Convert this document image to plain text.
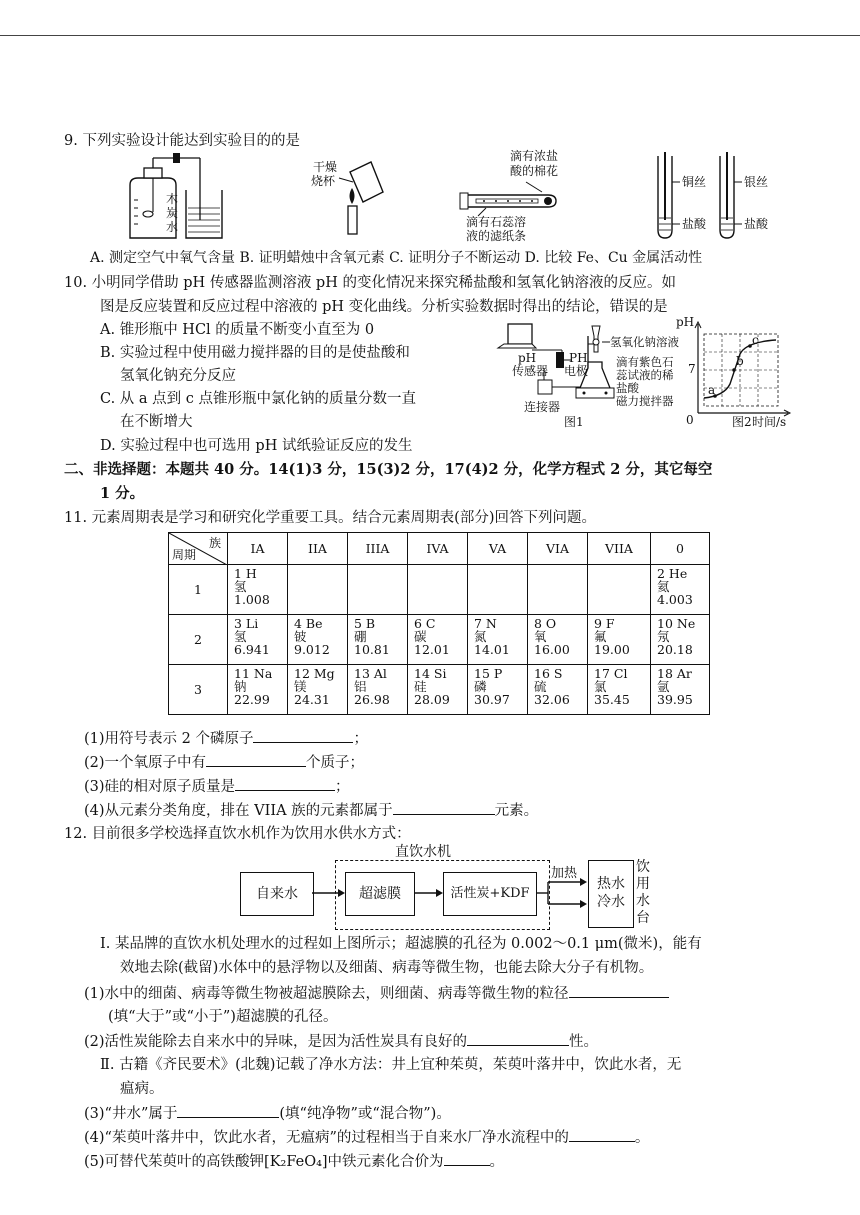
9. 下列实验设计能达到实验目的的是
木
炭
水
干燥
烧杯
滴有浓盐
酸的棉花
滴有石蕊溶
液的滤纸条
铜丝	银丝
盐酸	盐酸
A. 测定空气中氧气含量 B. 证明蜡烛中含氧元素 C. 证明分子不断运动 D. 比较 Fe、Cu 金属活动性
10. 小明同学借助 pH 传感器监测溶液 pH 的变化情况来探究稀盐酸和氢氧化钠溶液的反应。如
图是反应装置和反应过程中溶液的 pH 变化曲线。分析实验数据时得出的结论，错误的是
A. 锥形瓶中 HCl 的质量不断变小直至为 0
B. 实验过程中使用磁力搅拌器的目的是使盐酸和
氢氧化钠充分反应
C. 从 a 点到 c 点锥形瓶中氯化钠的质量分数一直
在不断增大
D. 实验过程中也可选用 pH 试纸验证反应的发生
pH
传感器
PH
电极
氢氧化钠溶液
滴有紫色石
蕊试液的稀
盐酸
磁力搅拌器
连接器
图1
pH
7
0
a
b
c
图2 时间/s
二、非选择题：本题共 40 分。14(1)3 分，15(3)2 分，17(4)2 分，化学方程式 2 分，其它每空
1 分。
11. 元素周期表是学习和研究化学重要工具。结合元素周期表(部分)回答下列问题。
族
周期	IA	IIA	IIIA	IVA	VA	VIA	VIIA	0
1	1 H
氢
1.008							2 He
氦
4.003

2	3 Li
氢
6.941	4 Be
铍
9.012	5 B
硼
10.81	6 C
碳
12.01	7 N
氮
14.01	8 O
氧
16.00	9 F
氟
19.00	10 Ne
氖
20.18

3	11 Na
钠
22.99	12 Mg
镁
24.31	13 Al
铝
26.98	14 Si
硅
28.09	15 P
磷
30.97	16 S
硫
32.06	17 Cl
氯
35.45	18 Ar
氩
39.95
(1)用符号表示 2 个磷原子	；
(2)一个氧原子中有	个质子；
(3)硅的相对原子质量是	；
(4)从元素分类角度，排在 VIIA 族的元素都属于	元素。
12. 目前很多学校选择直饮水机作为饮用水供水方式：
直饮水机
自来水	超滤膜	活性炭+KDF
热水
冷水
加热	饮
用
水
台
Ⅰ. 某品牌的直饮水机处理水的过程如上图所示；超滤膜的孔径为 0.002～0.1 μm(微米)，能有
效地去除(截留)水体中的悬浮物以及细菌、病毒等微生物，也能去除大分子有机物。
(1)水中的细菌、病毒等微生物被超滤膜除去，则细菌、病毒等微生物的粒径
(填“大于”或“小于”)超滤膜的孔径。
(2)活性炭能除去自来水中的异味，是因为活性炭具有良好的	性。
Ⅱ. 古籍《齐民要术》(北魏)记载了净水方法：井上宜种茱萸，茱萸叶落井中，饮此水者，无
瘟病。
(3)“井水”属于	(填“纯净物”或“混合物”)。
(4)“茱萸叶落井中，饮此水者，无瘟病”的过程相当于自来水厂净水流程中的	。
(5)可替代茱萸叶的高铁酸钾[K₂FeO₄]中铁元素化合价为	。
